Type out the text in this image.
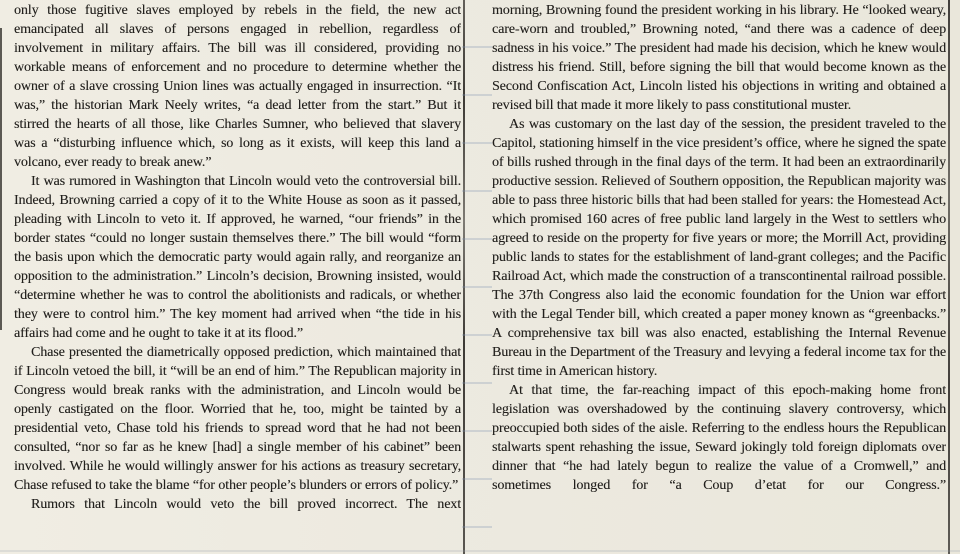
only those fugitive slaves employed by rebels in the field, the new act emancipated all slaves of persons engaged in rebellion, regardless of involvement in military affairs. The bill was ill considered, providing no workable means of enforcement and no procedure to determine whether the owner of a slave crossing Union lines was actually engaged in insurrection. “It was,” the historian Mark Neely writes, “a dead letter from the start.” But it stirred the hearts of all those, like Charles Sumner, who believed that slavery was a “disturbing influence which, so long as it exists, will keep this land a volcano, ever ready to break anew.”

It was rumored in Washington that Lincoln would veto the controversial bill. Indeed, Browning carried a copy of it to the White House as soon as it passed, pleading with Lincoln to veto it. If approved, he warned, “our friends” in the border states “could no longer sustain themselves there.” The bill would “form the basis upon which the democratic party would again rally, and reorganize an opposition to the administration.” Lincoln’s decision, Browning insisted, would “determine whether he was to control the abolitionists and radicals, or whether they were to control him.” The key moment had arrived when “the tide in his affairs had come and he ought to take it at its flood.”

Chase presented the diametrically opposed prediction, which maintained that if Lincoln vetoed the bill, it “will be an end of him.” The Republican majority in Congress would break ranks with the administration, and Lincoln would be openly castigated on the floor. Worried that he, too, might be tainted by a presidential veto, Chase told his friends to spread word that he had not been consulted, “nor so far as he knew [had] a single member of his cabinet” been involved. While he would willingly answer for his actions as treasury secretary, Chase refused to take the blame “for other people’s blunders or errors of policy.”

Rumors that Lincoln would veto the bill proved incorrect. The next

morning, Browning found the president working in his library. He “looked weary, care-worn and troubled,” Browning noted, “and there was a cadence of deep sadness in his voice.” The president had made his decision, which he knew would distress his friend. Still, before signing the bill that would become known as the Second Confiscation Act, Lincoln listed his objections in writing and obtained a revised bill that made it more likely to pass constitutional muster.

As was customary on the last day of the session, the president traveled to the Capitol, stationing himself in the vice president’s office, where he signed the spate of bills rushed through in the final days of the term. It had been an extraordinarily productive session. Relieved of Southern opposition, the Republican majority was able to pass three historic bills that had been stalled for years: the Homestead Act, which promised 160 acres of free public land largely in the West to settlers who agreed to reside on the property for five years or more; the Morrill Act, providing public lands to states for the establishment of land-grant colleges; and the Pacific Railroad Act, which made the construction of a transcontinental railroad possible. The 37th Congress also laid the economic foundation for the Union war effort with the Legal Tender bill, which created a paper money known as “greenbacks.” A comprehensive tax bill was also enacted, establishing the Internal Revenue Bureau in the Department of the Treasury and levying a federal income tax for the first time in American history.

At that time, the far-reaching impact of this epoch-making home front legislation was overshadowed by the continuing slavery controversy, which preoccupied both sides of the aisle. Referring to the endless hours the Republican stalwarts spent rehashing the issue, Seward jokingly told foreign diplomats over dinner that “he had lately begun to realize the value of a Cromwell,” and sometimes longed for “a Coup d’etat for our Congress.”
